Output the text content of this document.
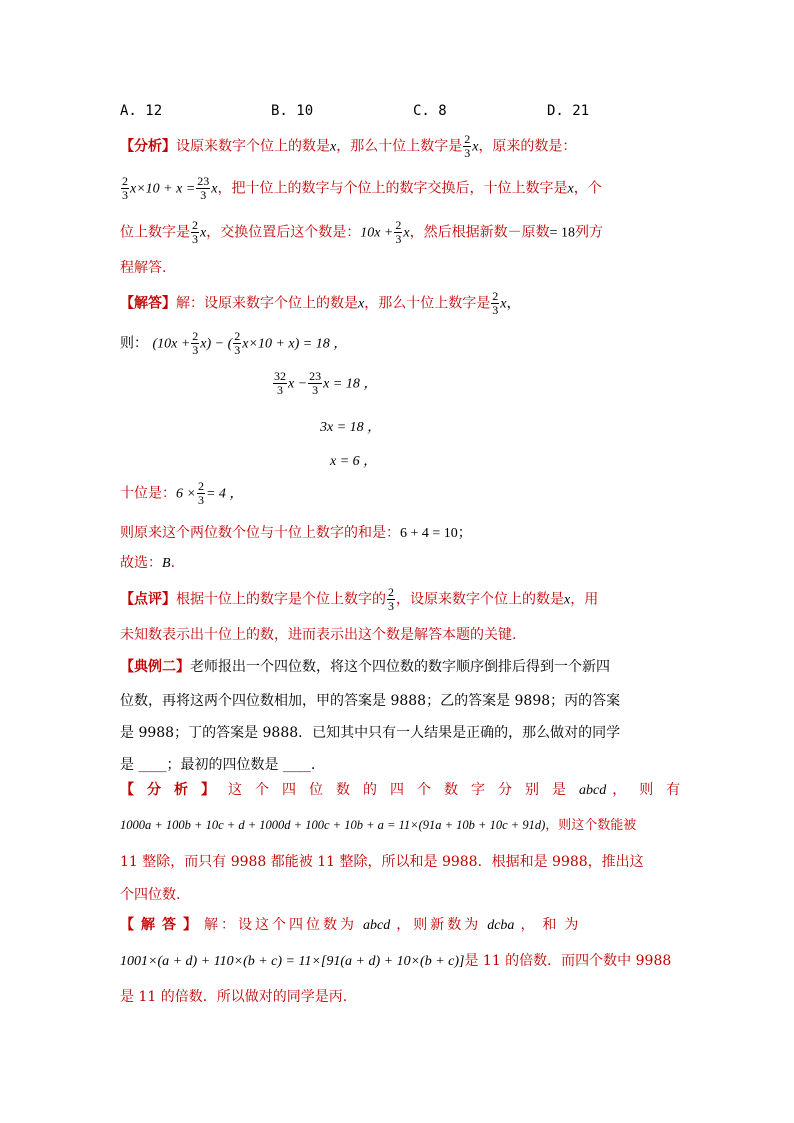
A. 12	B. 10	C. 8	D. 21
【分析】设原来数字个位上的数是x，那么十位上数字是 $\frac{2}{3}$ x，原来的数是：
$\frac{2}{3} x\times 10 + x = \frac{23}{3}$ x，把十位上的数字与个位上的数字交换后，十位上数字是x，个
位上数字是 $\frac{2}{3}$ x，交换位置后这个数是：$10x + \frac{2}{3}$ x，然后根据新数－原数= 18列方
程解答.
【解答】解：设原来数字个位上的数是x，那么十位上数字是 $\frac{2}{3}$ x，
则： $(10x + \frac{2}{3} x)$ − ( $\frac{2}{3} x\times 10 + x) = 18$ ，
$\frac{32}{3}$ $x - \frac{23}{3}$ x = 18 ，
3x = 18 ，
x = 6 ，
十位是：$6 \times \frac{2}{3} = 4$ ，
则原来这个两位数个位与十位上数字的和是：6 + 4 = 10；
故选：B.
【点评】根据十位上的数字是个位上数字的 $\frac{2}{3}$ ，设原来数字个位上的数是x，用
未知数表示出十位上的数，进而表示出这个数是解答本题的关键.
【典例二】老师报出一个四位数，将这个四位数的数字顺序倒排后得到一个新四
位数，再将这两个四位数相加，甲的答案是 9888；乙的答案是 9898；丙的答案
是 9988；丁的答案是 9888．已知其中只有一人结果是正确的，那么做对的同学
是 ____；最初的四位数是 ____.
【分析】这个四位数的四个数字分别是abcd ，则有
1000a + 100b + 10c + d + 1000d + 100c + 10b + a = 11×(91a + 10b + 10c + 91d)，则这个数能被
11 整除，而只有 9988 都能被 11 整除，所以和是 9988．根据和是 9988，推出这
个四位数.
【解答】解：设这个四位数为 abcd ，则新数为 dcba ，和为
1001×(a + d) + 110×(b + c) = 11×[91(a + d) + 10×(b + c)]是 11 的倍数．而四个数中 9988
是 11 的倍数．所以做对的同学是丙.
